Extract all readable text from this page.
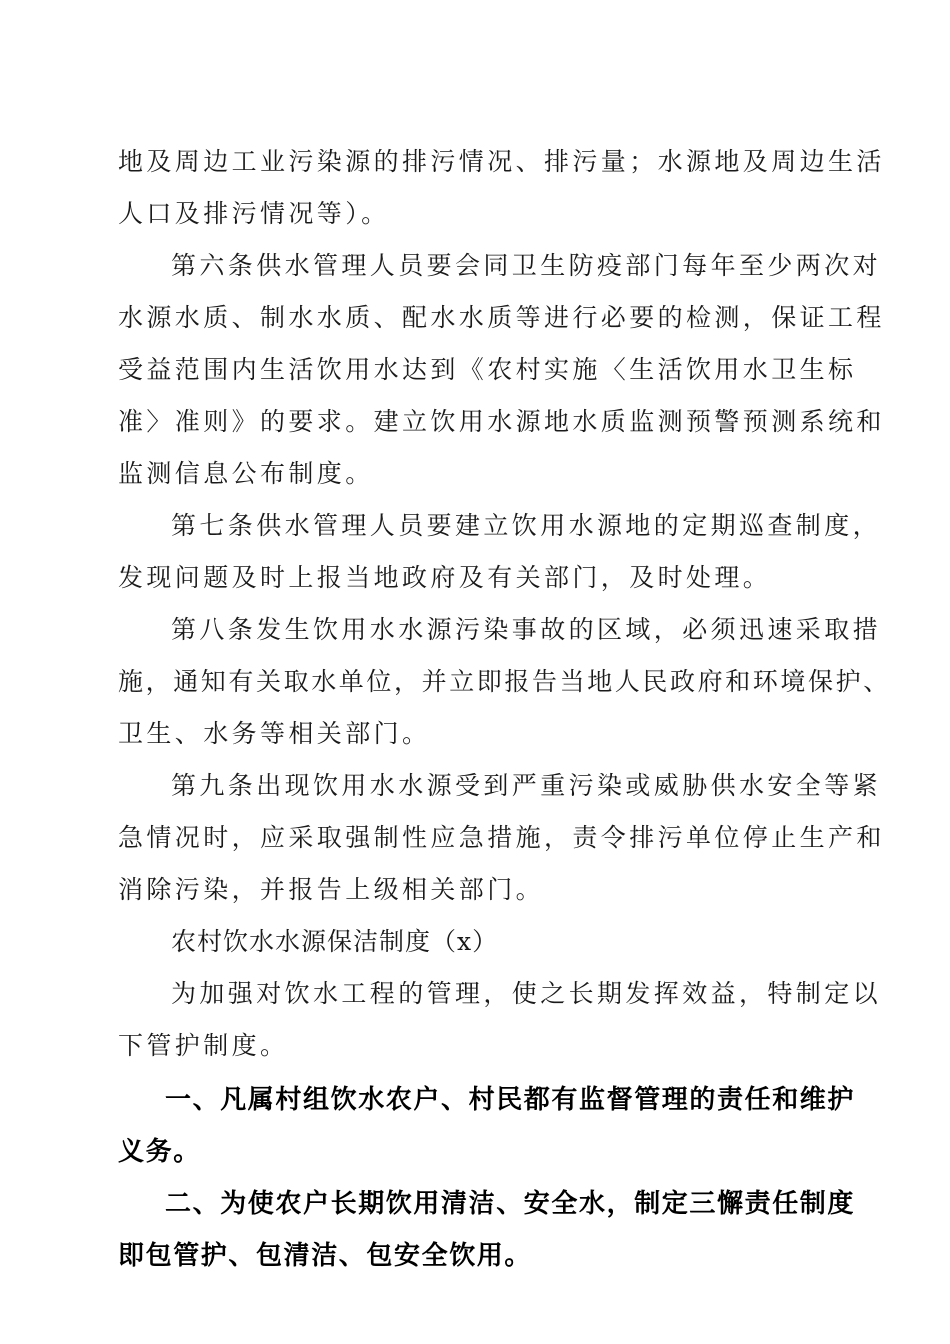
地及周边工业污染源的排污情况、排污量；水源地及周边生活
人口及排污情况等）。
第六条供水管理人员要会同卫生防疫部门每年至少两次对
水源水质、制水水质、配水水质等进行必要的检测，保证工程
受益范围内生活饮用水达到《农村实施〈生活饮用水卫生标
准〉准则》的要求。建立饮用水源地水质监测预警预测系统和
监测信息公布制度。
第七条供水管理人员要建立饮用水源地的定期巡查制度，
发现问题及时上报当地政府及有关部门，及时处理。
第八条发生饮用水水源污染事故的区域，必须迅速采取措
施，通知有关取水单位，并立即报告当地人民政府和环境保护、
卫生、水务等相关部门。
第九条出现饮用水水源受到严重污染或威胁供水安全等紧
急情况时，应采取强制性应急措施，责令排污单位停止生产和
消除污染，并报告上级相关部门。
农村饮水水源保洁制度（x）
为加强对饮水工程的管理，使之长期发挥效益，特制定以
下管护制度。
一、凡属村组饮水农户、村民都有监督管理的责任和维护
义务。
二、为使农户长期饮用清洁、安全水，制定三懈责任制度
即包管护、包清洁、包安全饮用。
